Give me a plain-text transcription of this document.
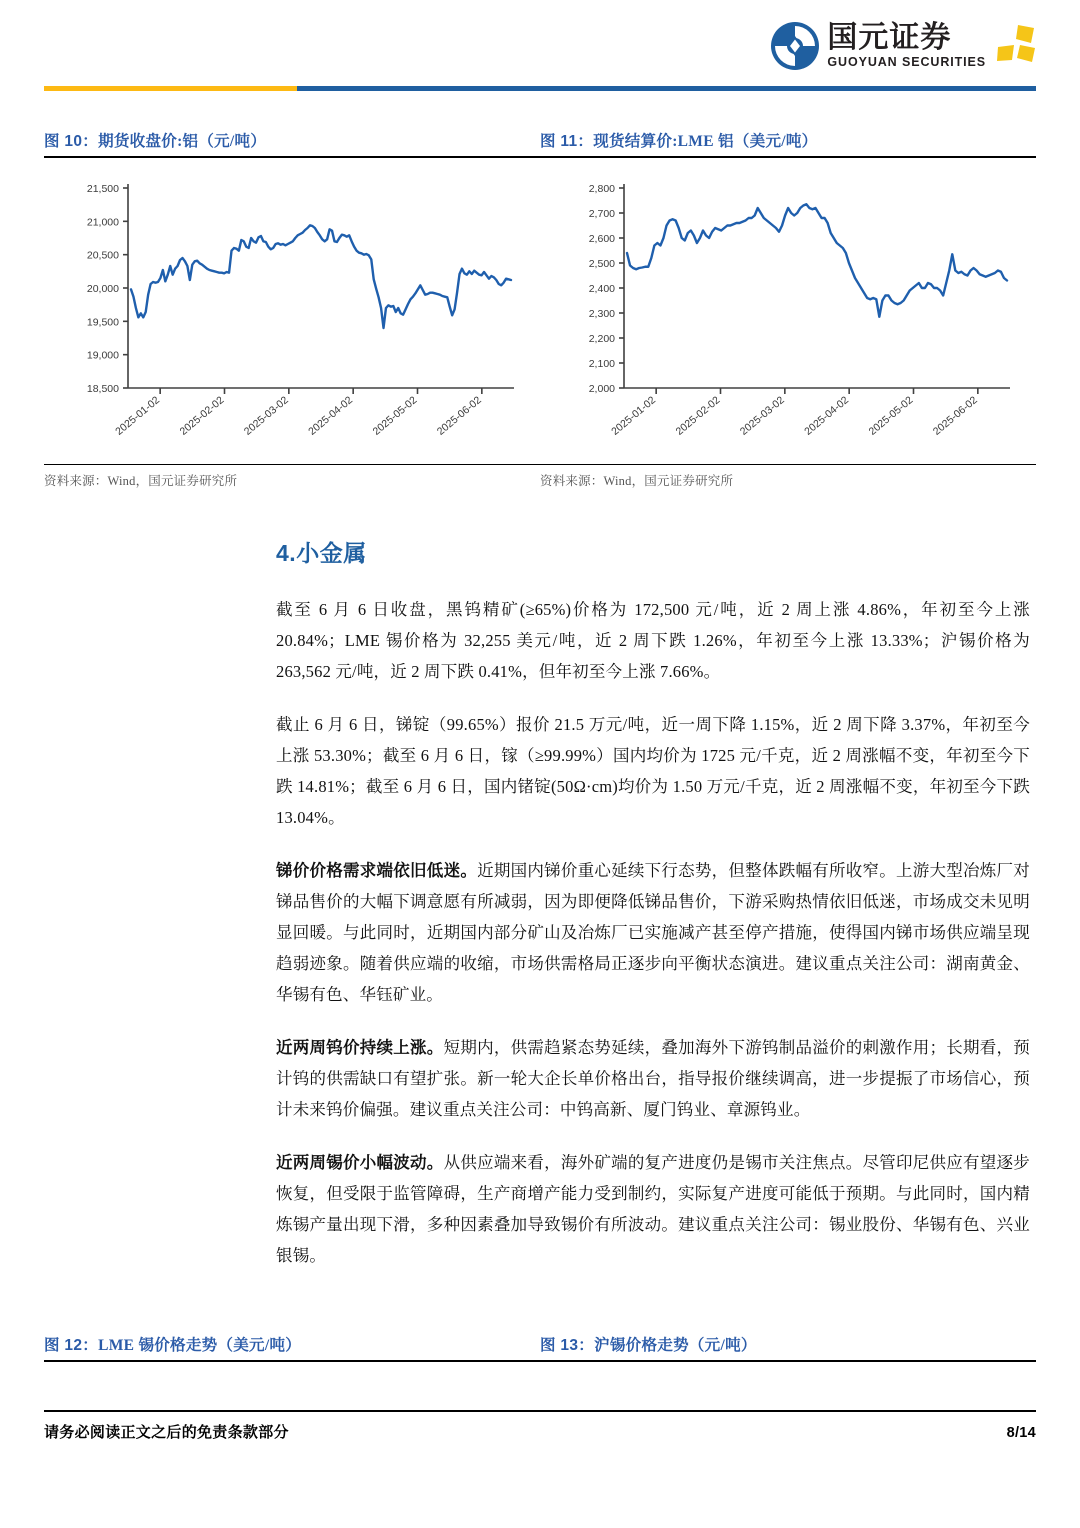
国元证券
GUOYUAN SECURITIES
图 10：期货收盘价:铝（元/吨）	图 11：现货结算价:LME 铝（美元/吨）
18,500
19,000
19,500
20,000
20,500
21,000
21,500
2025-01-02 2025-02-02 2025-03-02 2025-04-02 2025-05-02 2025-06-02
2,000
2,100
2,200
2,300
2,400
2,500
2,600
2,700
2,800
2025-01-02 2025-02-02 2025-03-02 2025-04-02 2025-05-02 2025-06-02
资料来源：Wind，国元证券研究所	资料来源：Wind，国元证券研究所
4.小金属

截至 6 月 6 日收盘，黑钨精矿(≥65%)价格为 172,500 元/吨，近 2 周上涨 4.86%，年初至今上涨 20.84%；LME 锡价格为 32,255 美元/吨，近 2 周下跌 1.26%，年初至今上涨 13.33%；沪锡价格为 263,562 元/吨，近 2 周下跌 0.41%，但年初至今上涨 7.66%。

截止 6 月 6 日，锑锭（99.65%）报价 21.5 万元/吨，近一周下降 1.15%，近 2 周下降 3.37%，年初至今上涨 53.30%；截至 6 月 6 日，镓（≥99.99%）国内均价为 1725 元/千克，近 2 周涨幅不变，年初至今下跌 14.81%；截至 6 月 6 日，国内锗锭(50Ω·cm)均价为 1.50 万元/千克，近 2 周涨幅不变，年初至今下跌 13.04%。

锑价价格需求端依旧低迷。近期国内锑价重心延续下行态势，但整体跌幅有所收窄。上游大型冶炼厂对锑品售价的大幅下调意愿有所减弱，因为即便降低锑品售价，下游采购热情依旧低迷，市场成交未见明显回暖。与此同时，近期国内部分矿山及冶炼厂已实施减产甚至停产措施，使得国内锑市场供应端呈现趋弱迹象。随着供应端的收缩，市场供需格局正逐步向平衡状态演进。建议重点关注公司：湖南黄金、华锡有色、华钰矿业。

近两周钨价持续上涨。短期内，供需趋紧态势延续，叠加海外下游钨制品溢价的刺激作用；长期看，预计钨的供需缺口有望扩张。新一轮大企长单价格出台，指导报价继续调高，进一步提振了市场信心，预计未来钨价偏强。建议重点关注公司：中钨高新、厦门钨业、章源钨业。

近两周锡价小幅波动。从供应端来看，海外矿端的复产进度仍是锡市关注焦点。尽管印尼供应有望逐步恢复，但受限于监管障碍，生产商增产能力受到制约，实际复产进度可能低于预期。与此同时，国内精炼锡产量出现下滑，多种因素叠加导致锡价有所波动。建议重点关注公司：锡业股份、华锡有色、兴业银锡。

图 12：LME 锡价格走势（美元/吨）	图 13：沪锡价格走势（元/吨）
请务必阅读正文之后的免责条款部分	8/14
